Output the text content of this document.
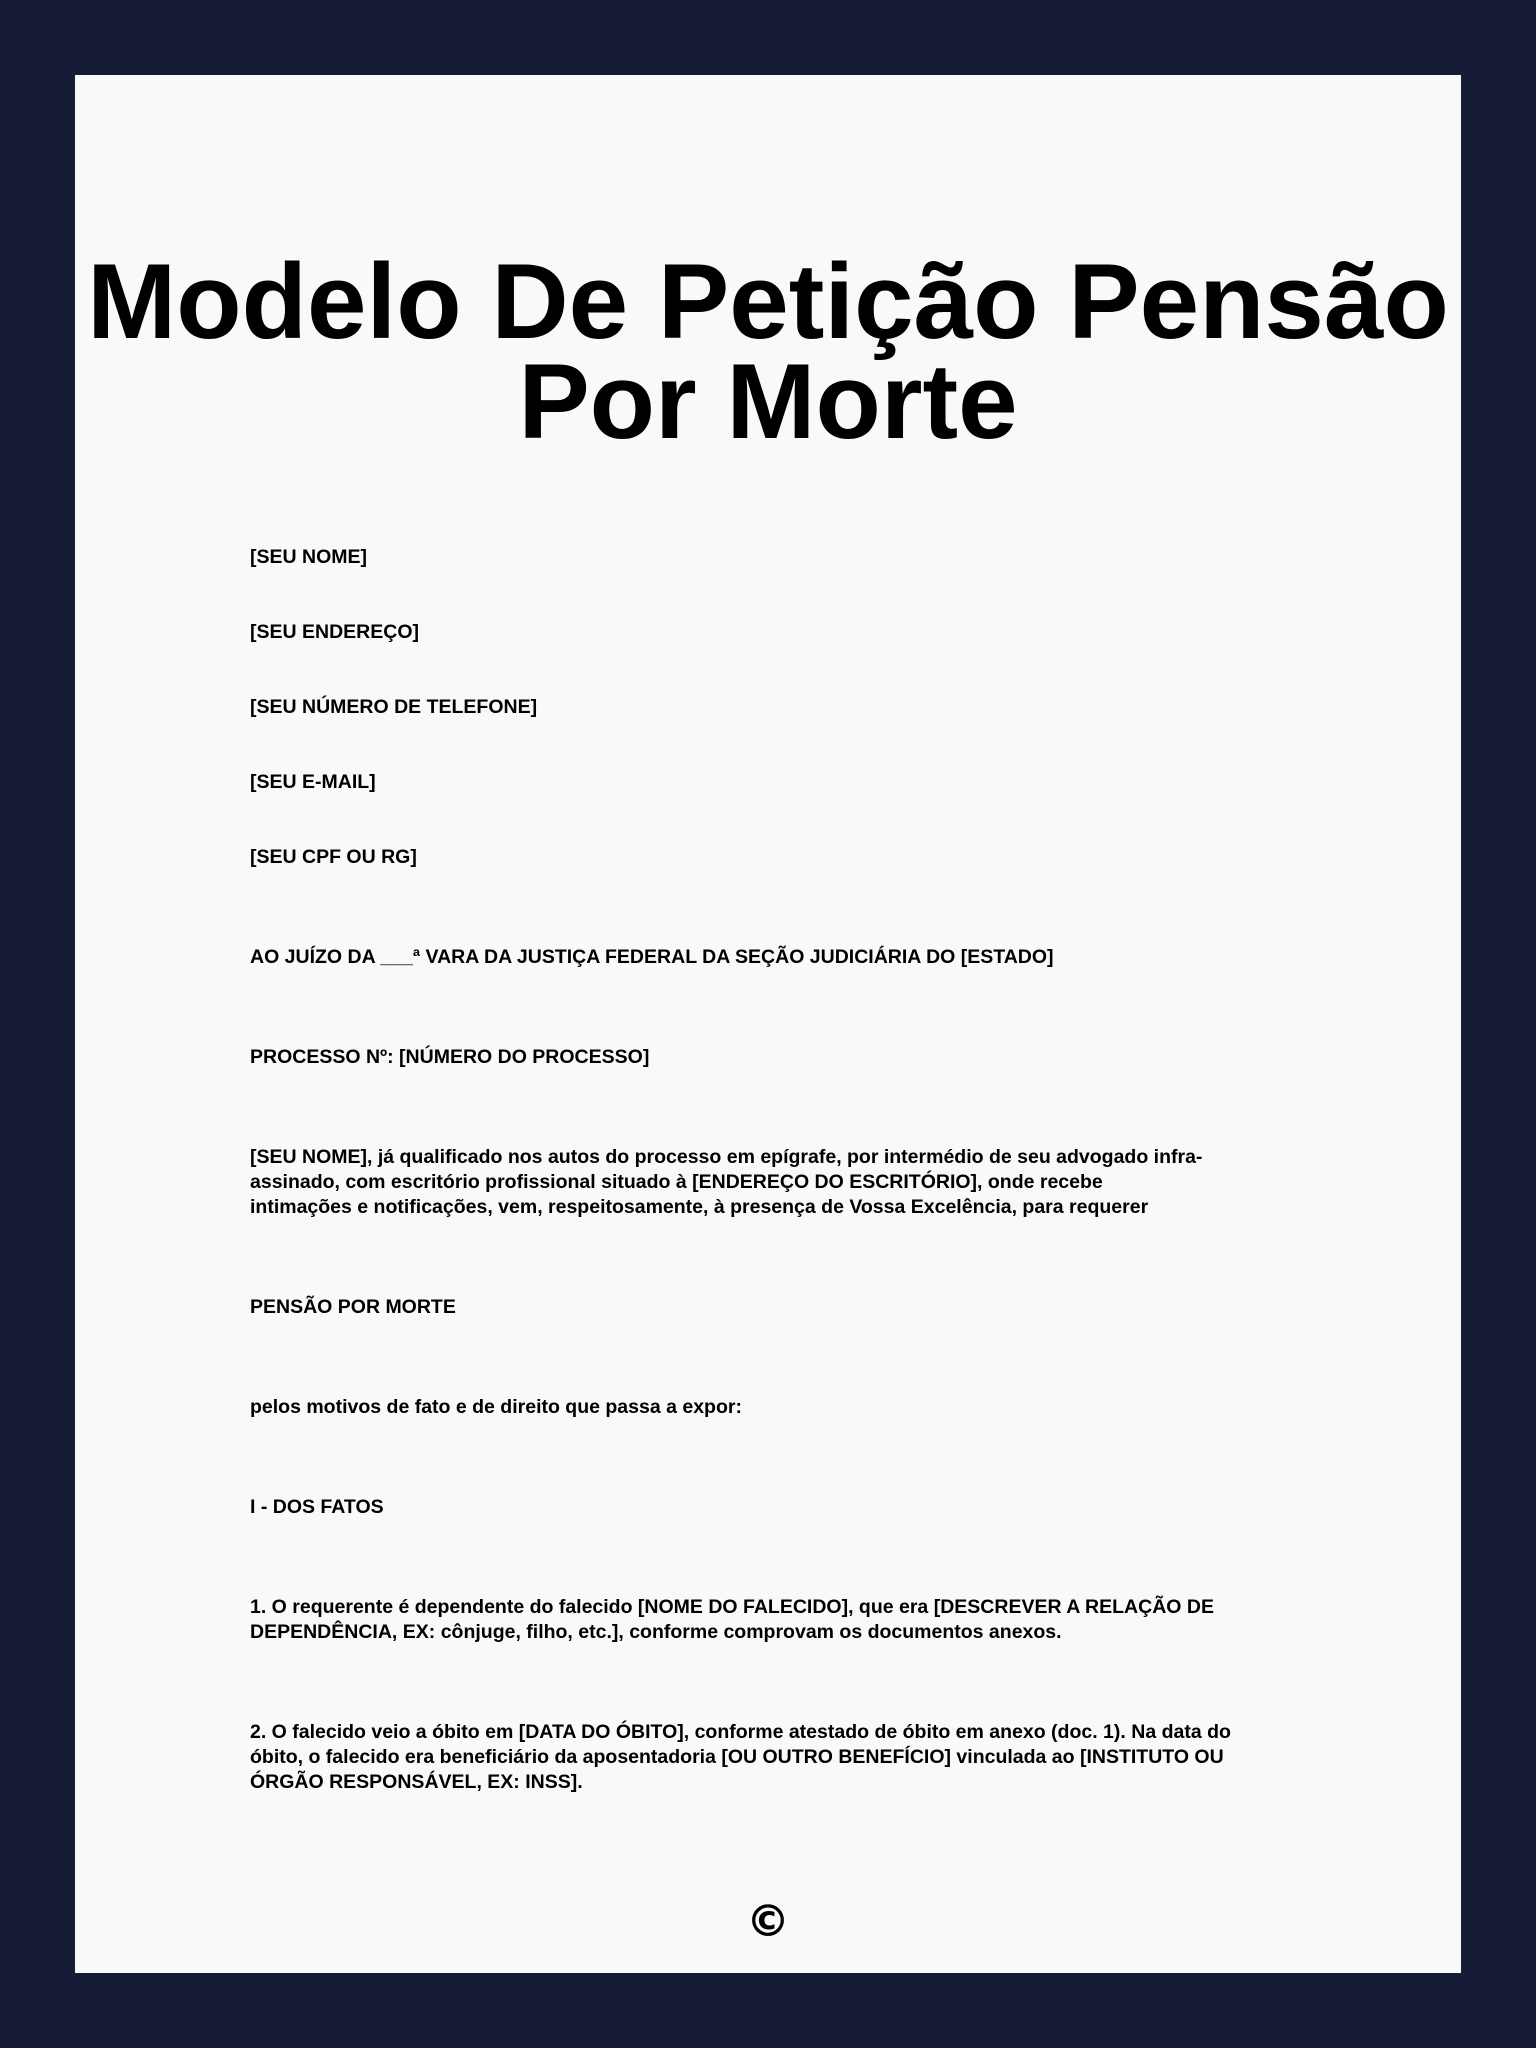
Modelo De Petição Pensão Por Morte

[SEU NOME]

[SEU ENDEREÇO]

[SEU NÚMERO DE TELEFONE]

[SEU E-MAIL]

[SEU CPF OU RG]

AO JUÍZO DA ___ª VARA DA JUSTIÇA FEDERAL DA SEÇÃO JUDICIÁRIA DO [ESTADO]

PROCESSO Nº: [NÚMERO DO PROCESSO]

[SEU NOME], já qualificado nos autos do processo em epígrafe, por intermédio de seu advogado infra-assinado, com escritório profissional situado à [ENDEREÇO DO ESCRITÓRIO], onde recebe intimações e notificações, vem, respeitosamente, à presença de Vossa Excelência, para requerer

PENSÃO POR MORTE

pelos motivos de fato e de direito que passa a expor:

I - DOS FATOS

1. O requerente é dependente do falecido [NOME DO FALECIDO], que era [DESCREVER A RELAÇÃO DE DEPENDÊNCIA, EX: cônjuge, filho, etc.], conforme comprovam os documentos anexos.

2. O falecido veio a óbito em [DATA DO ÓBITO], conforme atestado de óbito em anexo (doc. 1). Na data do óbito, o falecido era beneficiário da aposentadoria [OU OUTRO BENEFÍCIO] vinculada ao [INSTITUTO OU ÓRGÃO RESPONSÁVEL, EX: INSS].

©
